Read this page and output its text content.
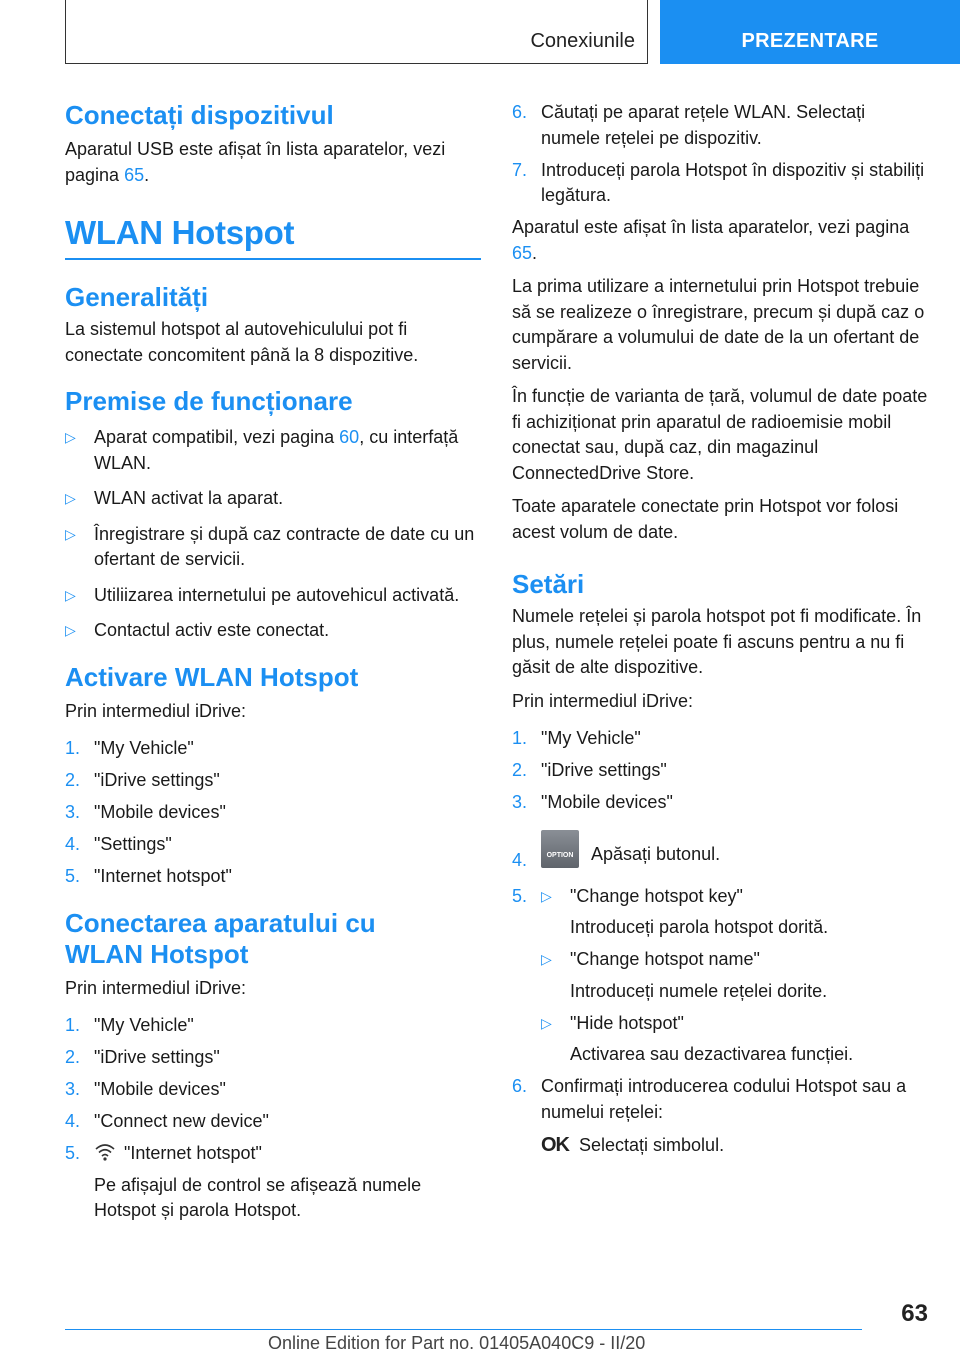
Conexiunile	PREZENTARE
Conectați dispozitivul

Aparatul USB este afișat în lista aparatelor, vezi pagina 65.

WLAN Hotspot
Generalități

La sistemul hotspot al autovehiculului pot fi conectate concomitent până la 8 dispozitive.

Premise de funcționare
▷ Aparat compatibil, vezi pagina 60, cu interfață WLAN.
▷ WLAN activat la aparat.
▷ Înregistrare și după caz contracte de date cu un ofertant de servicii.
▷ Utiliizarea internetului pe autovehicul activată.
▷ Contactul activ este conectat.
Activare WLAN Hotspot

Prin intermediul iDrive:

1. "My Vehicle"
2. "iDrive settings"
3. "Mobile devices"
4. "Settings"
5. "Internet hotspot"
Conectarea aparatului cu
WLAN Hotspot

Prin intermediul iDrive:

1. "My Vehicle"
2. "iDrive settings"
3. "Mobile devices"
4. "Connect new device"
5. "Internet hotspot"
Pe afișajul de control se afișează numele Hotspot și parola Hotspot.
6. Căutați pe aparat rețele WLAN. Selectați numele rețelei pe dispozitiv.
7. Introduceți parola Hotspot în dispozitiv și stabiliți legătura.

Aparatul este afișat în lista aparatelor, vezi pagina 65.

La prima utilizare a internetului prin Hotspot trebuie să se realizeze o înregistrare, precum și după caz o cumpărare a volumului de date de la un ofertant de servicii.

În funcție de varianta de țară, volumul de date poate fi achiziționat prin aparatul de radioemisie mobil conectat sau, după caz, din magazinul ConnectedDrive Store.

Toate aparatele conectate prin Hotspot vor folosi acest volum de date.

Setări

Numele rețelei și parola hotspot pot fi modificate. În plus, numele rețelei poate fi ascuns pentru a nu fi găsit de alte dispozitive.

Prin intermediul iDrive:

1. "My Vehicle"
2. "iDrive settings"
3. "Mobile devices"
4.	OPTION Apăsați butonul.
5. ▷ "Change hotspot key"
Introduceți parola hotspot dorită.
▷ "Change hotspot name"
Introduceți numele rețelei dorite.
▷ "Hide hotspot"
Activarea sau dezactivarea funcției.
6. Confirmați introducerea codului Hotspot sau a numelui rețelei:
OK Selectați simbolul.
63
Online Edition for Part no. 01405A040C9 - II/20
